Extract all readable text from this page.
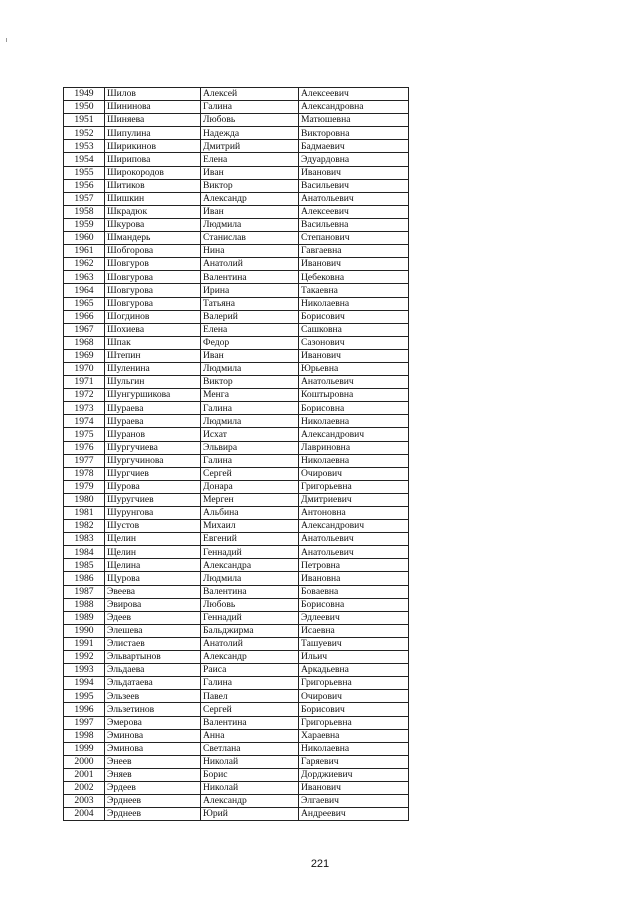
1949	Шилов	Алексей	Алексеевич
1950	Шининова	Галина	Александровна
1951	Шиняева	Любовь	Матюшевна
1952	Шипулина	Надежда	Викторовна
1953	Ширикинов	Дмитрий	Бадмаевич
1954	Ширипова	Елена	Эдуардовна
1955	Широкородов	Иван	Иванович
1956	Шитиков	Виктор	Васильевич
1957	Шишкин	Александр	Анатольевич
1958	Шкрадюк	Иван	Алексеевич
1959	Шкурова	Людмила	Васильевна
1960	Шмандерь	Станислав	Степанович
1961	Шобгорова	Нина	Гавгаевна
1962	Шовгуров	Анатолий	Иванович
1963	Шовгурова	Валентина	Цебековна
1964	Шовгурова	Ирина	Такаевна
1965	Шовгурова	Татьяна	Николаевна
1966	Шогдинов	Валерий	Борисович
1967	Шохиева	Елена	Сашковна
1968	Шпак	Федор	Сазонович
1969	Штепин	Иван	Иванович
1970	Шуленина	Людмила	Юрьевна
1971	Шульгин	Виктор	Анатольевич
1972	Шунгуршикова	Менга	Коштыровна
1973	Шураева	Галина	Борисовна
1974	Шураева	Людмила	Николаевна
1975	Шуранов	Исхат	Александрович
1976	Шургучиева	Эльвира	Лавриновна
1977	Шургучинова	Галина	Николаевна
1978	Шургчиев	Сергей	Очирович
1979	Шурова	Донара	Григорьевна
1980	Шуругчиев	Мерген	Дмитриевич
1981	Шурунгова	Альбина	Антоновна
1982	Шустов	Михаил	Александрович
1983	Щелин	Евгений	Анатольевич
1984	Щелин	Геннадий	Анатольевич
1985	Щелина	Александра	Петровна
1986	Щурова	Людмила	Ивановна
1987	Эвеева	Валентина	Бовaевна
1988	Эвирова	Любовь	Борисовна
1989	Эдеев	Геннадий	Эдлеевич
1990	Элешева	Бальджирма	Исаевна
1991	Элистаев	Анатолий	Ташуевич
1992	Эльвартынов	Александр	Ильич
1993	Эльдаева	Раиса	Аркадьевна
1994	Эльдатаева	Галина	Григорьевна
1995	Эльзеев	Павел	Очирович
1996	Эльзетинов	Сергей	Борисович
1997	Эмерова	Валентина	Григорьевна
1998	Эминова	Анна	Хараевна
1999	Эминова	Светлана	Николаевна
2000	Энеев	Николай	Гаряевич
2001	Эняев	Борис	Дорджиевич
2002	Эрдеев	Николай	Иванович
2003	Эрднеев	Александр	Элгаевич
2004	Эрднеев	Юрий	Андреевич
221
